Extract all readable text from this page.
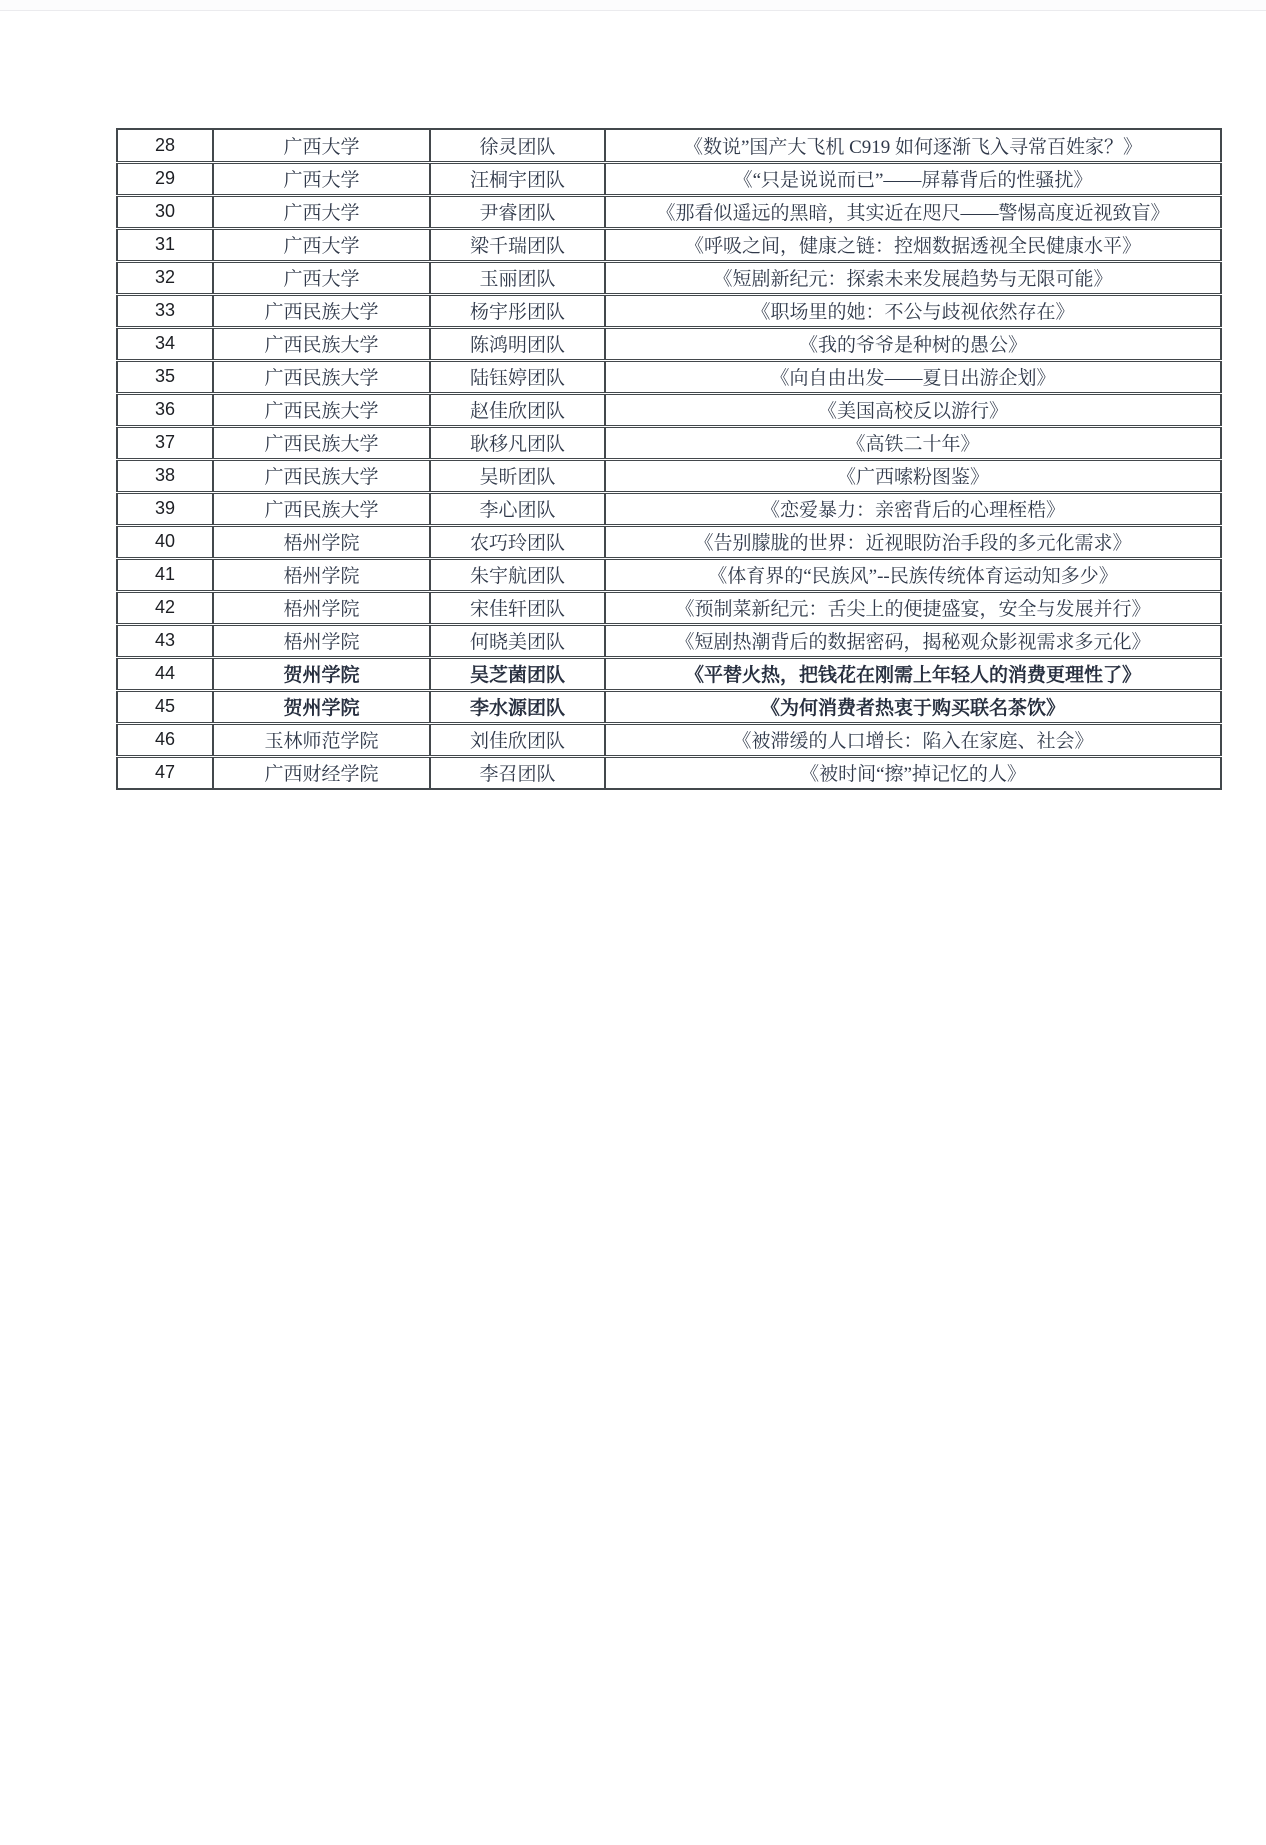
28	广西大学	徐灵团队	《数说”国产大飞机 C919 如何逐渐飞入寻常百姓家？》
29	广西大学	汪桐宇团队	《“只是说说而已”——屏幕背后的性骚扰》
30	广西大学	尹睿团队	《那看似遥远的黑暗，其实近在咫尺——警惕高度近视致盲》
31	广西大学	梁千瑞团队	《呼吸之间，健康之链：控烟数据透视全民健康水平》
32	广西大学	玉丽团队	《短剧新纪元：探索未来发展趋势与无限可能》
33	广西民族大学	杨宇彤团队	《职场里的她：不公与歧视依然存在》
34	广西民族大学	陈鸿明团队	《我的爷爷是种树的愚公》
35	广西民族大学	陆钰婷团队	《向自由出发——夏日出游企划》
36	广西民族大学	赵佳欣团队	《美国高校反以游行》
37	广西民族大学	耿移凡团队	《高铁二十年》
38	广西民族大学	吴昕团队	《广西嗦粉图鉴》
39	广西民族大学	李心团队	《恋爱暴力：亲密背后的心理桎梏》
40	梧州学院	农巧玲团队	《告别朦胧的世界：近视眼防治手段的多元化需求》
41	梧州学院	朱宇航团队	《体育界的“民族风”--民族传统体育运动知多少》
42	梧州学院	宋佳轩团队	《预制菜新纪元：舌尖上的便捷盛宴，安全与发展并行》
43	梧州学院	何晓美团队	《短剧热潮背后的数据密码，揭秘观众影视需求多元化》
44	贺州学院	吴芝菌团队	《平替火热，把钱花在刚需上年轻人的消费更理性了》
45	贺州学院	李水源团队	《为何消费者热衷于购买联名茶饮》
46	玉林师范学院	刘佳欣团队	《被滞缓的人口增长：陷入在家庭、社会》
47	广西财经学院	李召团队	《被时间“擦”掉记忆的人》
